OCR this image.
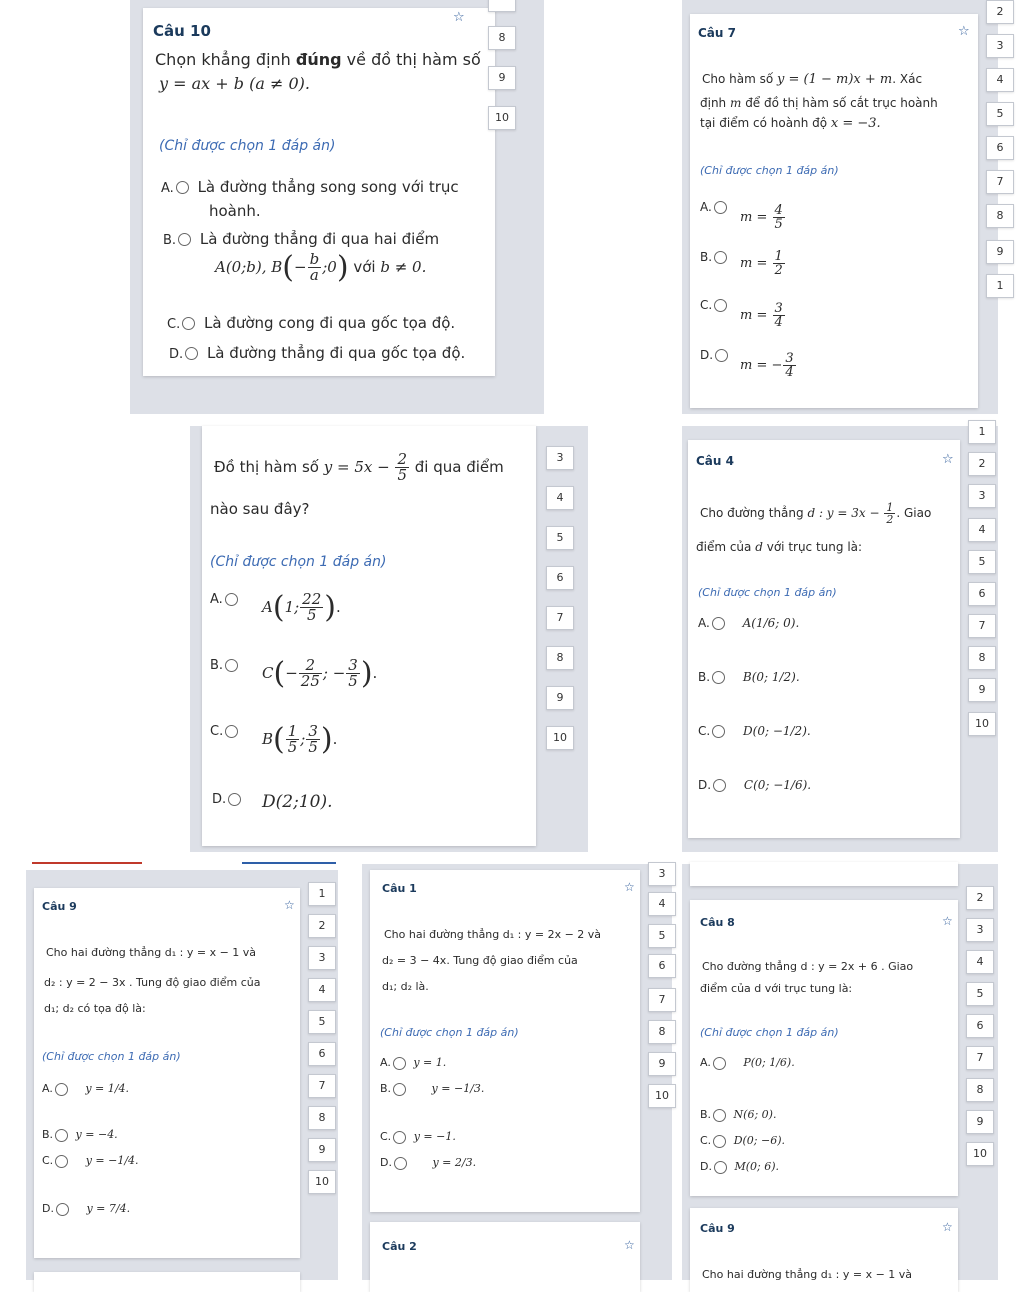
Câu 10
☆
Chọn khẳng định đúng về đồ thị hàm số
y = ax + b (a ≠ 0).
(Chỉ được chọn 1 đáp án)
A. Là đường thẳng song song với trục
hoành.
B. Là đường thẳng đi qua hai điểm
A(0;b), $B(- \frac{b}{a}$ ;0) với b ≠ 0.
C. Là đường cong đi qua gốc tọa độ.
D. Là đường thẳng đi qua gốc tọa độ.
8
9
10
Câu 7	☆
Cho hàm số y = (1 − m)x + m. Xác
định m để đồ thị hàm số cắt trục hoành
tại điểm có hoành độ x = −3.
(Chỉ được chọn 1 đáp án)
A.
$m = \frac{4}{5}$
B.	$m = \frac{1}{2}$
C.
$m = \frac{3}{4}$
D.
m = − $\frac{3}{4}$
2
3
4
5
6
7
8
9
1
Đồ thị hàm số $y = 5x - \frac{2}{5}$ đi qua điểm
nào sau đây?
(Chỉ được chọn 1 đáp án)
A.	A(1; $\frac{22}{5}$ ).
B.	$C(- \frac{2}{25}$ ; − $\frac{3}{5}$ ).
C.	$B( \frac{1}{5}$ ; $\frac{3}{5}$ ).
D.	D(2;10).
3
4
5
6
7
8
9
10
Câu 4	☆
Cho đường thẳng d : $y = 3x - \frac{1}{2}$ . Giao
điểm của d với trục tung là:
(Chỉ được chọn 1 đáp án)
A.	A(1/6; 0).
B.	B(0; 1/2).
C.	D(0; −1/2).
D.	C(0; −1/6).
1
2
3
4
5
6
7
8
9
10
Câu 9	☆
Cho hai đường thẳng d₁ : y = x − 1 và
d₂ : y = 2 − 3x . Tung độ giao điểm của
d₁; d₂ có tọa độ là:
(Chỉ được chọn 1 đáp án)
A.	y = 1/4.
B. y = −4.
C.	y = −1/4.
D.	y = 7/4.
1
2
3
4
5
6
7
8
9
10
Câu 1	☆
Cho hai đường thẳng d₁ : y = 2x − 2 và
d₂ = 3 − 4x. Tung độ giao điểm của
d₁; d₂ là.
(Chỉ được chọn 1 đáp án)
A. y = 1.
B.	y = −1/3.
C. y = −1.
D.	y = 2/3.
Câu 2	☆
3
4
5
6
7
8
9
10
Câu 8	☆
Cho đường thẳng d : y = 2x + 6 . Giao
điểm của d với trục tung là:
(Chỉ được chọn 1 đáp án)
A.	P(0; 1/6).
B. N(6; 0).
C. D(0; −6).
D. M(0; 6).
Câu 9	☆
Cho hai đường thẳng d₁ : y = x − 1 và
2
3
4
5
6
7
8
9
10
